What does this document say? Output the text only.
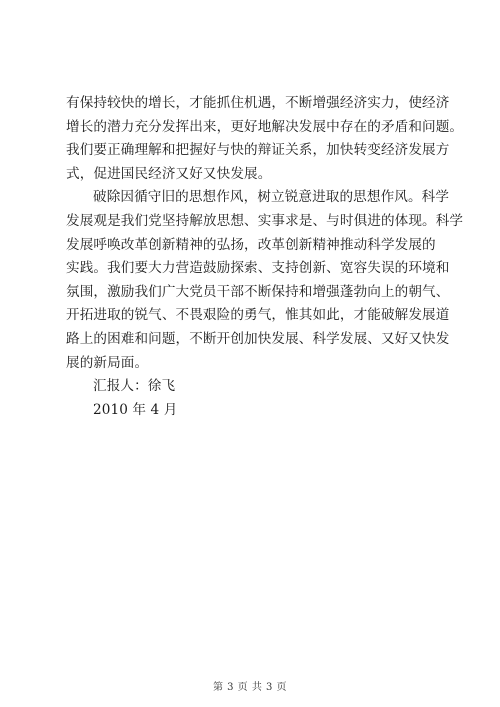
有保持较快的增长，才能抓住机遇，不断增强经济实力，使经济
增长的潜力充分发挥出来，更好地解决发展中存在的矛盾和问题。
我们要正确理解和把握好与快的辩证关系，加快转变经济发展方
式，促进国民经济又好又快发展。
破除因循守旧的思想作风，树立锐意进取的思想作风。科学
发展观是我们党坚持解放思想、实事求是、与时俱进的体现。科学
发展呼唤改革创新精神的弘扬，改革创新精神推动科学发展的
实践。我们要大力营造鼓励探索、支持创新、宽容失误的环境和
氛围，激励我们广大党员干部不断保持和增强蓬勃向上的朝气、
开拓进取的锐气、不畏艰险的勇气，惟其如此，才能破解发展道
路上的困难和问题，不断开创加快发展、科学发展、又好又快发
展的新局面。
汇报人：徐飞
2010 年 4 月
第 3 页 共 3 页
